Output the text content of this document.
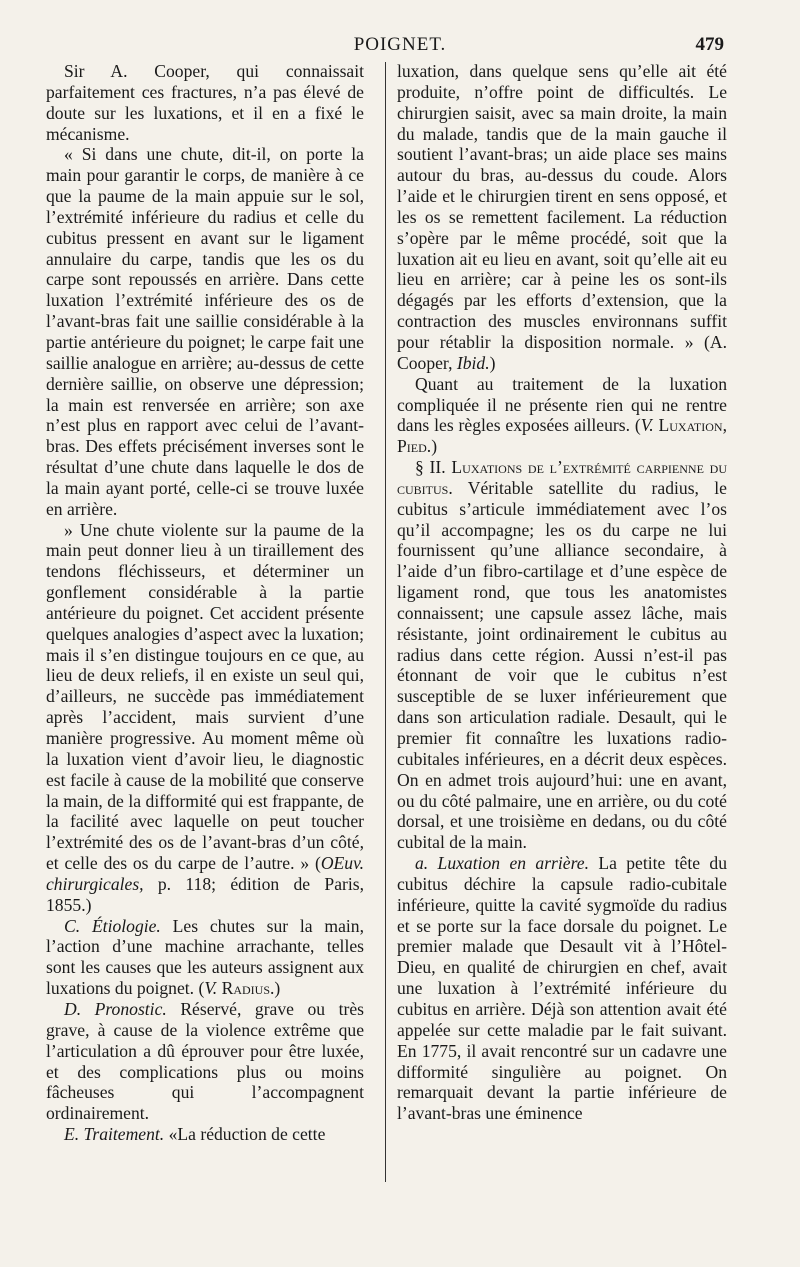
POIGNET.	479

Sir A. Cooper, qui connaissait parfaitement ces fractures, n’a pas élevé de doute sur les luxations, et il en a fixé le mécanisme.

« Si dans une chute, dit-il, on porte la main pour garantir le corps, de manière à ce que la paume de la main appuie sur le sol, l’extrémité inférieure du radius et celle du cubitus pressent en avant sur le ligament annulaire du carpe, tandis que les os du carpe sont repoussés en arrière. Dans cette luxation l’extrémité inférieure des os de l’avant-bras fait une saillie considérable à la partie antérieure du poignet; le carpe fait une saillie analogue en arrière; au-dessus de cette dernière saillie, on observe une dépression; la main est renversée en arrière; son axe n’est plus en rapport avec celui de l’avant-bras. Des effets précisément inverses sont le résultat d’une chute dans laquelle le dos de la main ayant porté, celle-ci se trouve luxée en arrière.

» Une chute violente sur la paume de la main peut donner lieu à un tiraillement des tendons fléchisseurs, et déterminer un gonflement considérable à la partie antérieure du poignet. Cet accident présente quelques analogies d’aspect avec la luxation; mais il s’en distingue toujours en ce que, au lieu de deux reliefs, il en existe un seul qui, d’ailleurs, ne succède pas immédiatement après l’accident, mais survient d’une manière progressive. Au moment même où la luxation vient d’avoir lieu, le diagnostic est facile à cause de la mobilité que conserve la main, de la difformité qui est frappante, de la facilité avec laquelle on peut toucher l’extrémité des os de l’avant-bras d’un côté, et celle des os du carpe de l’autre. » (OEuv. chirurgicales, p. 118; édition de Paris, 1855.)

C. Étiologie. Les chutes sur la main, l’action d’une machine arrachante, telles sont les causes que les auteurs assignent aux luxations du poignet. (V. Radius.)

D. Pronostic. Réservé, grave ou très grave, à cause de la violence extrême que l’articulation a dû éprouver pour être luxée, et des complications plus ou moins fâcheuses qui l’accompagnent ordinairement.

E. Traitement. «La réduction de cette

luxation, dans quelque sens qu’elle ait été produite, n’offre point de difficultés. Le chirurgien saisit, avec sa main droite, la main du malade, tandis que de la main gauche il soutient l’avant-bras; un aide place ses mains autour du bras, au-dessus du coude. Alors l’aide et le chirurgien tirent en sens opposé, et les os se remettent facilement. La réduction s’opère par le même procédé, soit que la luxation ait eu lieu en avant, soit qu’elle ait eu lieu en arrière; car à peine les os sont-ils dégagés par les efforts d’extension, que la contraction des muscles environnans suffit pour rétablir la disposition normale. » (A. Cooper, Ibid.)

Quant au traitement de la luxation compliquée il ne présente rien qui ne rentre dans les règles exposées ailleurs. (V. Luxation, Pied.)

§ II. Luxations de l’extrémité carpienne du cubitus. Véritable satellite du radius, le cubitus s’articule immédiatement avec l’os qu’il accompagne; les os du carpe ne lui fournissent qu’une alliance secondaire, à l’aide d’un fibro-cartilage et d’une espèce de ligament rond, que tous les anatomistes connaissent; une capsule assez lâche, mais résistante, joint ordinairement le cubitus au radius dans cette région. Aussi n’est-il pas étonnant de voir que le cubitus n’est susceptible de se luxer inférieurement que dans son articulation radiale. Desault, qui le premier fit connaître les luxations radio-cubitales inférieures, en a décrit deux espèces. On en admet trois aujourd’hui: une en avant, ou du côté palmaire, une en arrière, ou du coté dorsal, et une troisième en dedans, ou du côté cubital de la main.

a. Luxation en arrière. La petite tête du cubitus déchire la capsule radio-cubitale inférieure, quitte la cavité sygmoïde du radius et se porte sur la face dorsale du poignet. Le premier malade que Desault vit à l’Hôtel-Dieu, en qualité de chirurgien en chef, avait une luxation à l’extrémité inférieure du cubitus en arrière. Déjà son attention avait été appelée sur cette maladie par le fait suivant. En 1775, il avait rencontré sur un cadavre une difformité singulière au poignet. On remarquait devant la partie inférieure de l’avant-bras une éminence
